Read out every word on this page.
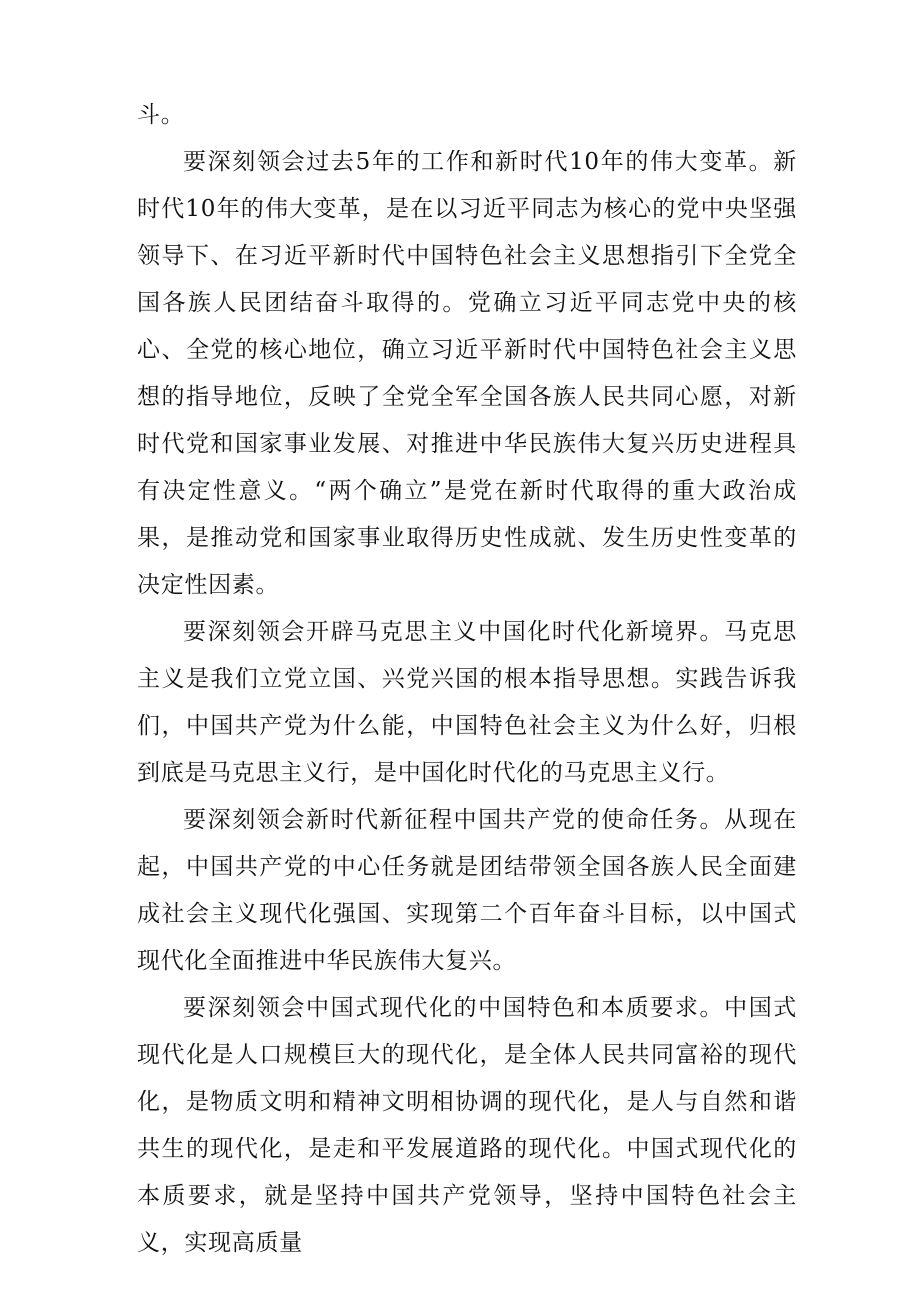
斗。

要深刻领会过去5年的工作和新时代10年的伟大变革。新时代10年的伟大变革，是在以习近平同志为核心的党中央坚强领导下、在习近平新时代中国特色社会主义思想指引下全党全国各族人民团结奋斗取得的。党确立习近平同志党中央的核心、全党的核心地位，确立习近平新时代中国特色社会主义思想的指导地位，反映了全党全军全国各族人民共同心愿，对新时代党和国家事业发展、对推进中华民族伟大复兴历史进程具有决定性意义。“两个确立”是党在新时代取得的重大政治成果，是推动党和国家事业取得历史性成就、发生历史性变革的决定性因素。

要深刻领会开辟马克思主义中国化时代化新境界。马克思主义是我们立党立国、兴党兴国的根本指导思想。实践告诉我们，中国共产党为什么能，中国特色社会主义为什么好，归根到底是马克思主义行，是中国化时代化的马克思主义行。

要深刻领会新时代新征程中国共产党的使命任务。从现在起，中国共产党的中心任务就是团结带领全国各族人民全面建成社会主义现代化强国、实现第二个百年奋斗目标，以中国式现代化全面推进中华民族伟大复兴。

要深刻领会中国式现代化的中国特色和本质要求。中国式现代化是人口规模巨大的现代化，是全体人民共同富裕的现代化，是物质文明和精神文明相协调的现代化，是人与自然和谐共生的现代化，是走和平发展道路的现代化。中国式现代化的本质要求，就是坚持中国共产党领导，坚持中国特色社会主义，实现高质量
